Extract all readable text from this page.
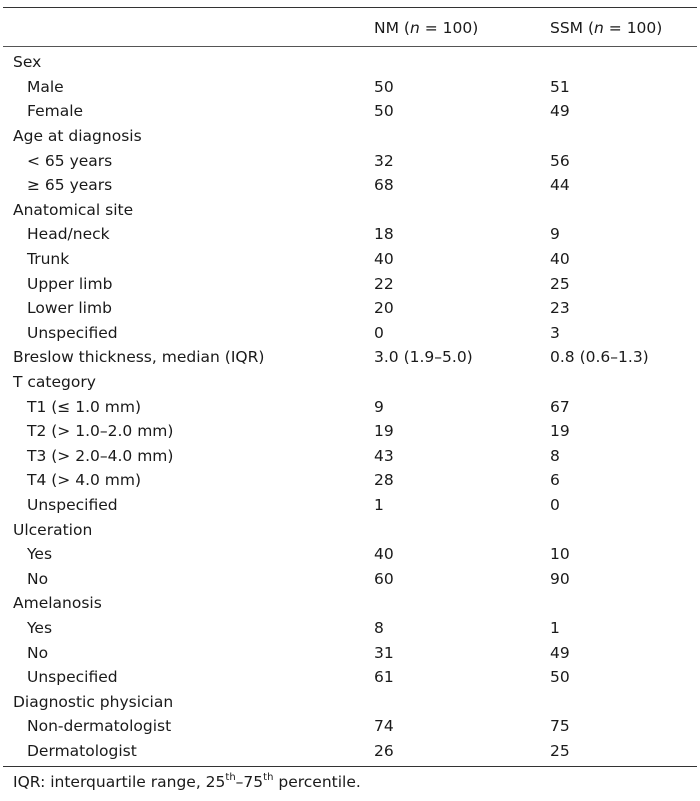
NM (n = 100)	SSM (n = 100)
Sex		
Male	50	51
Female	50	49
Age at diagnosis		
< 65 years	32	56
≥ 65 years	68	44
Anatomical site		
Head/neck	18	9
Trunk	40	40
Upper limb	22	25
Lower limb	20	23
Unspecified	0	3
Breslow thickness, median (IQR)	3.0 (1.9–5.0)	0.8 (0.6–1.3)
T category		
T1 (≤ 1.0 mm)	9	67
T2 (> 1.0–2.0 mm)	19	19
T3 (> 2.0–4.0 mm)	43	8
T4 (> 4.0 mm)	28	6
Unspecified	1	0
Ulceration		
Yes	40	10
No	60	90
Amelanosis		
Yes	8	1
No	31	49
Unspecified	61	50
Diagnostic physician		
Non-dermatologist	74	75
Dermatologist	26	25
IQR: interquartile range, 25th–75th percentile.
